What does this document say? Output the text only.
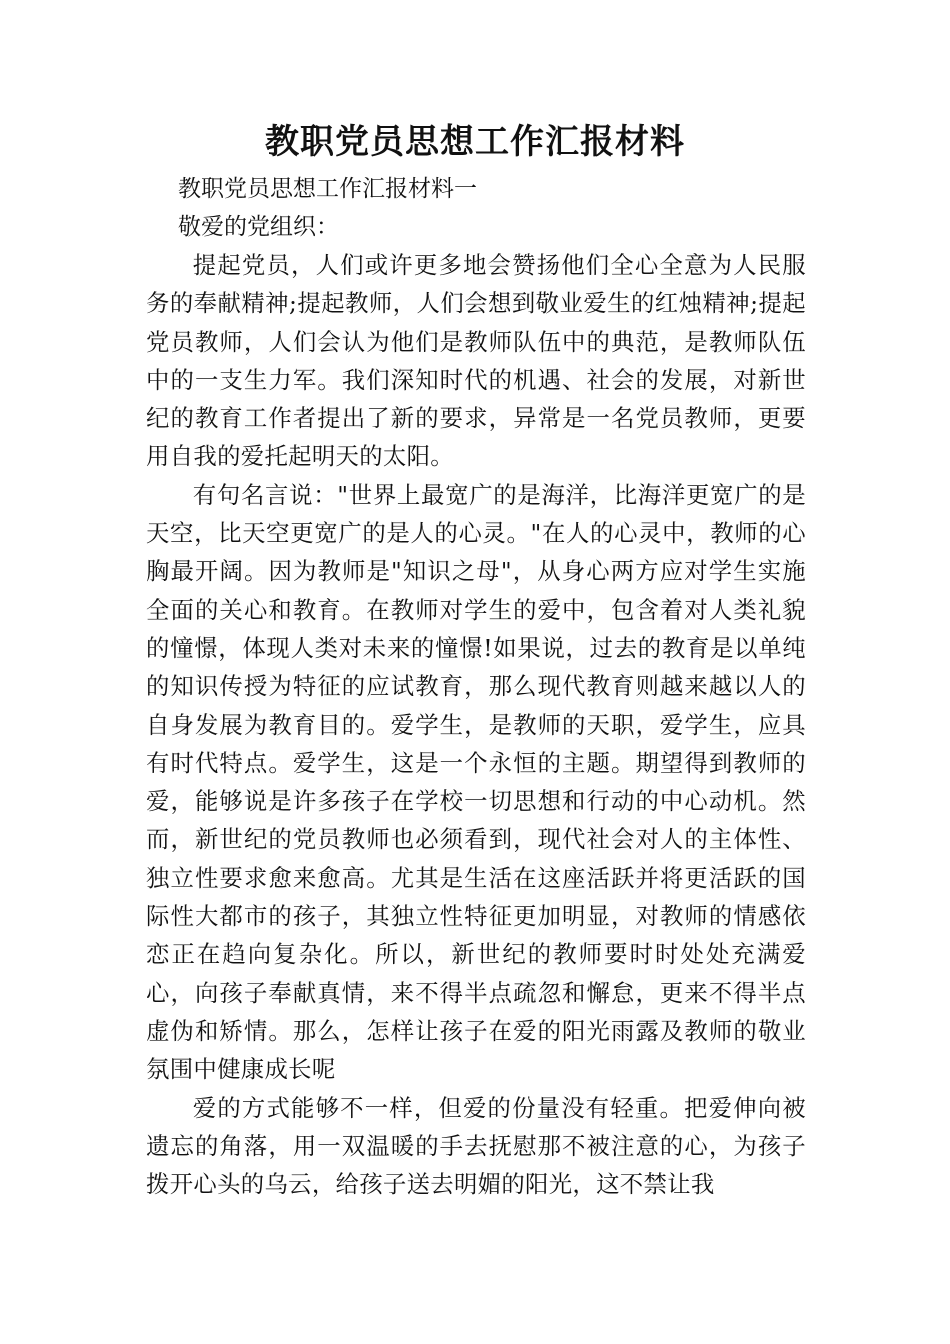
教职党员思想工作汇报材料

教职党员思想工作汇报材料一

敬爱的党组织：

提起党员，人们或许更多地会赞扬他们全心全意为人民服务的奉献精神;提起教师，人们会想到敬业爱生的红烛精神;提起党员教师，人们会认为他们是教师队伍中的典范，是教师队伍中的一支生力军。我们深知时代的机遇、社会的发展，对新世纪的教育工作者提出了新的要求，异常是一名党员教师，更要用自我的爱托起明天的太阳。

有句名言说："世界上最宽广的是海洋，比海洋更宽广的是天空，比天空更宽广的是人的心灵。"在人的心灵中，教师的心胸最开阔。因为教师是"知识之母"，从身心两方应对学生实施全面的关心和教育。在教师对学生的爱中，包含着对人类礼貌的憧憬，体现人类对未来的憧憬!如果说，过去的教育是以单纯的知识传授为特征的应试教育，那么现代教育则越来越以人的自身发展为教育目的。爱学生，是教师的天职，爱学生，应具有时代特点。爱学生，这是一个永恒的主题。期望得到教师的爱，能够说是许多孩子在学校一切思想和行动的中心动机。然而，新世纪的党员教师也必须看到，现代社会对人的主体性、独立性要求愈来愈高。尤其是生活在这座活跃并将更活跃的国际性大都市的孩子，其独立性特征更加明显，对教师的情感依恋正在趋向复杂化。所以，新世纪的教师要时时处处充满爱心，向孩子奉献真情，来不得半点疏忽和懈怠，更来不得半点虚伪和矫情。那么，怎样让孩子在爱的阳光雨露及教师的敬业氛围中健康成长呢

爱的方式能够不一样，但爱的份量没有轻重。把爱伸向被遗忘的角落，用一双温暖的手去抚慰那不被注意的心，为孩子拨开心头的乌云，给孩子送去明媚的阳光，这不禁让我
